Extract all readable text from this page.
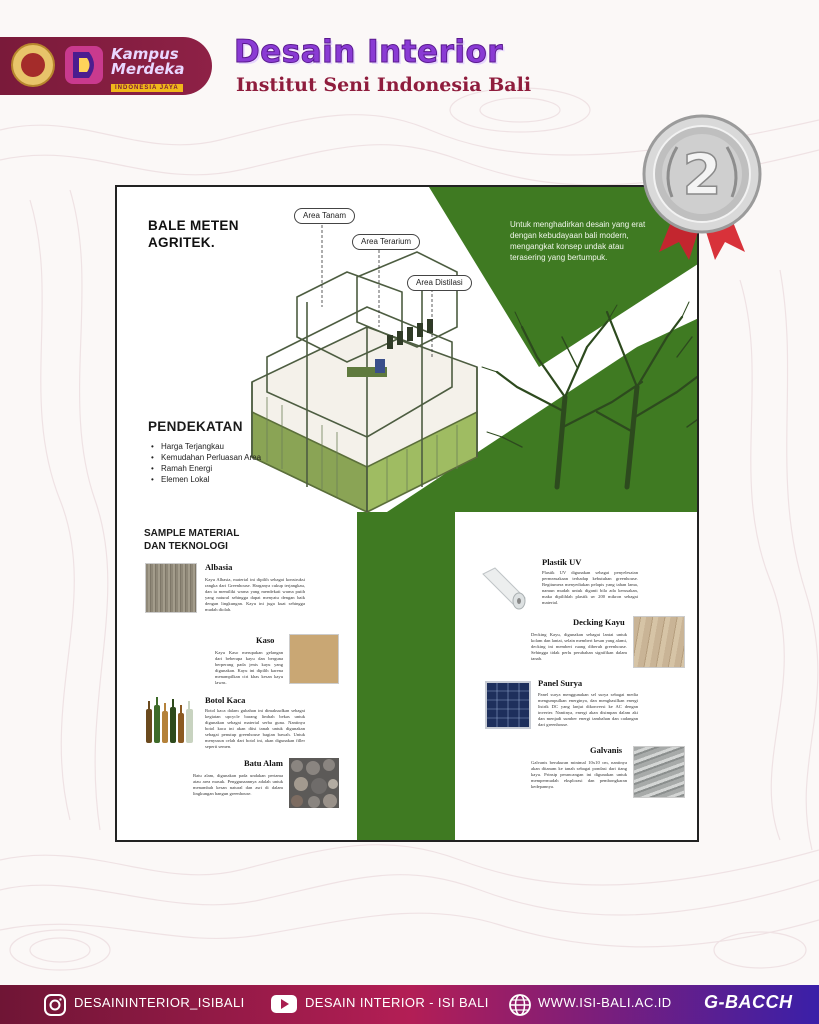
Kampus
Merdeka
INDONESIA JAYA
Desain Interior
Institut Seni Indonesia Bali
2
BALE METEN
AGRITEK.
Untuk menghadirkan desain yang erat dengan kebudayaan bali modern, mengangkat konsep undak atau terasering yang bertumpuk.
Area Tanam
Area Terarium
Area Distilasi
PENDEKATAN
• Harga Terjangkau
• Kemudahan Perluasan Area
• Ramah Energi
• Elemen Lokal
SAMPLE MATERIAL
DAN TEKNOLOGI
Albasia
Kayu Albasia, material ini dipilih sebagai konstruksi rangka dari Greenhouse. Harganya cukup terjangkau, dan ia memiliki warna yang mendekati warna putih yang natural sehingga dapat menyatu dengan baik dengan lingkungan. Kayu ini juga kuat sehingga mudah diolah.
Kaso
Kayu Kaso merupakan gelangan dari beberapa kayu dan berguna berperang pada jenis kayu yang digunakan. Kayu ini dipilih karena menampilkan ciri khas kesan kayu lawas.
Botol Kaca
Botol kaca dalam gubahan ini dimaksudkan sebagai kegiatan upcycle barang limbah bekas untuk digunakan sebagai material serba guna. Nantinya botol kaca ini akan diisi tanah untuk digunakan sebagai penutup greenhouse bagian bawah. Untuk menyusun celah dari botol ini, akan digunakan filler seperti semen.
Batu Alam
Batu alam, digunakan pada undakan pertama atau area masuk. Penggunaannya adalah untuk menambah kesan natural dan asri di dalam lingkungan bangun greenhouse.
Plastik UV
Plastik UV digunakan sebagai penyelesaian permeasakaan terhadap kebutuhan greenhouse. Begitumera menyediakan pelapis yang tahan lama, namun mudah untuk diganti bila ada kerusakan, maka dipilihlah plastik uv 200 mikron sebagai material.
Decking Kayu
Decking Kayu, digunakan sebagai lantai untuk kolam dan lantai, selain memberi kesan yang alami, decking ini memberi ruang diberuh greenhouse. Sehingga tidak perlu perubahan signifikan dalam tanah.
Panel Surya
Panel surya menggunakan sel surya sebagai media mengumpulkan energinya, dan menghasilkan energi listrik DC yang lanjut dikonversi ke AC dengan inverter. Nantinya, energi akan disimpan dalam aki dan menjadi sumber energi tambahan dan cadangan dari greenhouse.
Galvanis
Galvanis berukuran minimal 10x10 cm, nantinya akan ditanam ke tanah sebagai pondasi dari tiang kayu. Prinsip perancangan ini digunakan untuk mempermudah eksplorasi dan pembongkaran kedepannya.
DESAININTERIOR_ISIBALI	DESAIN INTERIOR - ISI BALI	WWW.ISI-BALI.AC.ID G-BACCH
